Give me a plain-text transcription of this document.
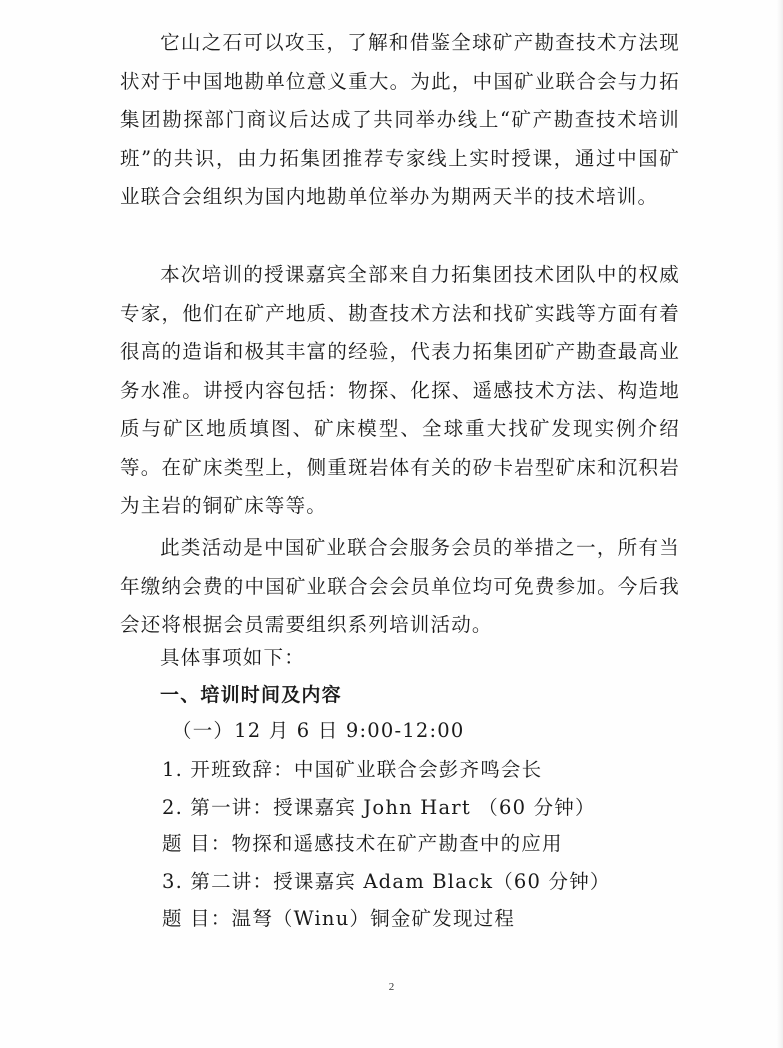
它山之石可以攻玉，了解和借鉴全球矿产勘查技术方法现状对于中国地勘单位意义重大。为此，中国矿业联合会与力拓集团勘探部门商议后达成了共同举办线上“矿产勘查技术培训班”的共识，由力拓集团推荐专家线上实时授课，通过中国矿业联合会组织为国内地勘单位举办为期两天半的技术培训。

本次培训的授课嘉宾全部来自力拓集团技术团队中的权威专家，他们在矿产地质、勘查技术方法和找矿实践等方面有着很高的造诣和极其丰富的经验，代表力拓集团矿产勘查最高业务水准。讲授内容包括：物探、化探、遥感技术方法、构造地质与矿区地质填图、矿床模型、全球重大找矿发现实例介绍等。在矿床类型上，侧重斑岩体有关的矽卡岩型矿床和沉积岩为主岩的铜矿床等等。

此类活动是中国矿业联合会服务会员的举措之一，所有当年缴纳会费的中国矿业联合会会员单位均可免费参加。今后我会还将根据会员需要组织系列培训活动。

具体事项如下：

一、培训时间及内容

（一）12 月 6 日 9:00-12:00

1. 开班致辞：中国矿业联合会彭齐鸣会长

2. 第一讲：授课嘉宾 John Hart （60 分钟）

题 目：物探和遥感技术在矿产勘查中的应用

3. 第二讲：授课嘉宾 Adam Black（60 分钟）

题 目：温弩（Winu）铜金矿发现过程

2
